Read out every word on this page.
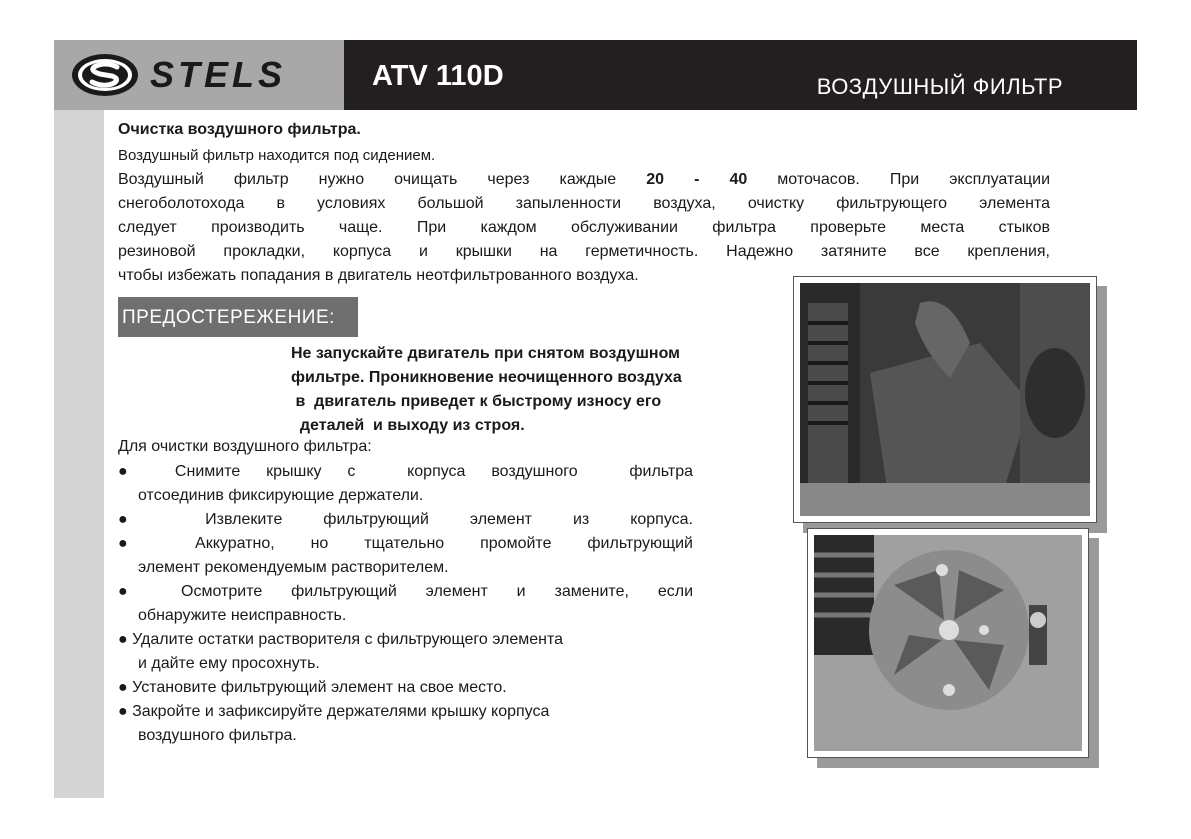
STELS	ATV 110D	ВОЗДУШНЫЙ ФИЛЬТР
Очистка воздушного фильтра.
Воздушный фильтр находится под сидением.
Воздушный фильтр нужно очищать через каждые 20 - 40 моточасов. При эксплуатации
снегоболотохода в условиях большой запыленности воздуха, очистку фильтрующего элемента
следует производить чаще. При каждом обслуживании фильтра проверьте места стыков
резиновой прокладки, корпуса и крышки на герметичность. Надежно затяните все крепления,
чтобы избежать попадания в двигатель неотфильтрованного воздуха.
ПРЕДОСТЕРЕЖЕНИЕ:
Не запускайте двигатель при снятом воздушном
фильтре. Проникновение неочищенного воздуха
в  двигатель приведет к быстрому износу его
деталей  и выходу из строя.
Для очистки воздушного фильтра:
● Снимите крышку с  корпуса воздушного  фильтра
отсоединив фиксирующие держатели.
● Извлеките фильтрующий элемент из корпуса.
● Аккуратно, но тщательно промойте фильтрующий
элемент рекомендуемым растворителем.
● Осмотрите фильтрующий элемент и замените, если
обнаружите неисправность.
● Удалите остатки растворителя с фильтрующего элемента
и дайте ему просохнуть.
● Установите фильтрующий элемент на свое место.
● Закройте и зафиксируйте держателями крышку корпуса
воздушного фильтра.
